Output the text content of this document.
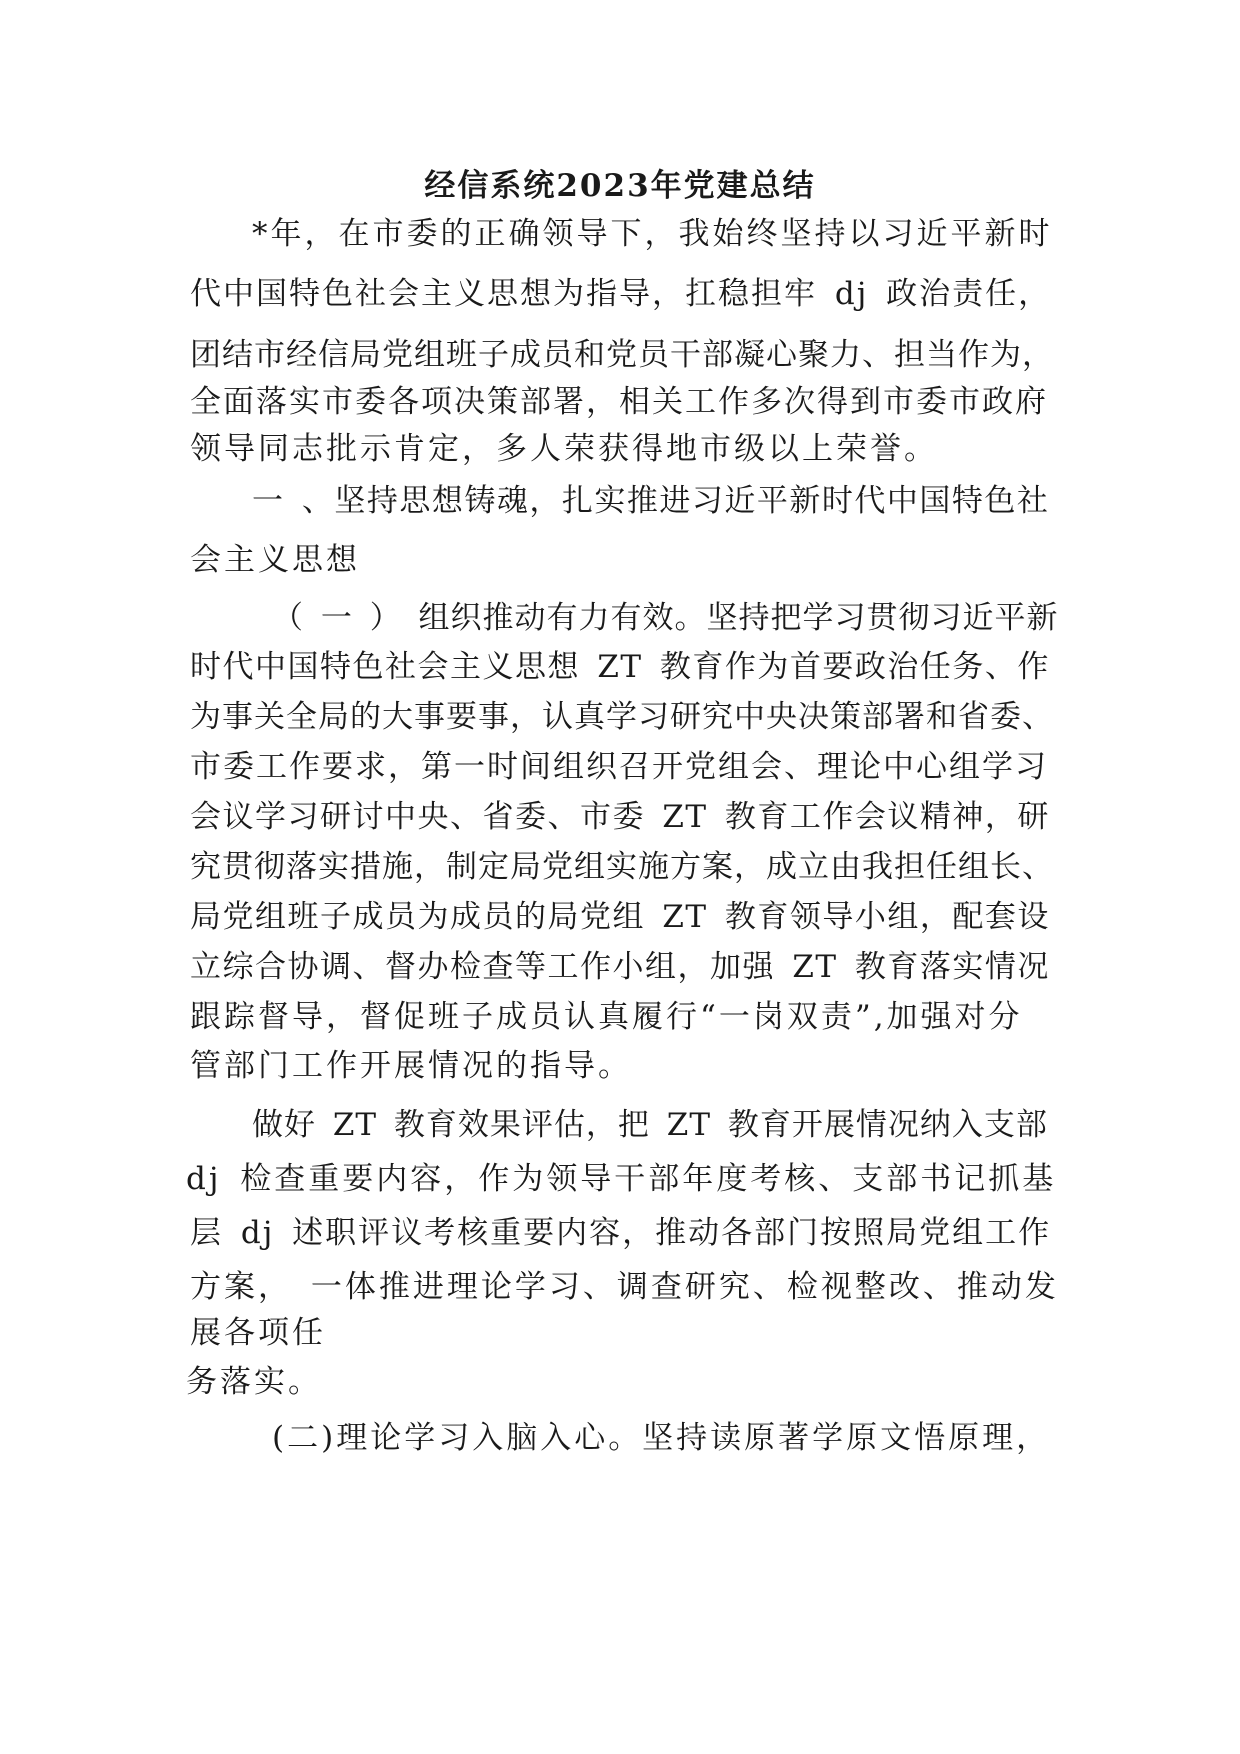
经信系统2023年党建总结
*年，在市委的正确领导下，我始终坚持以习近平新时
代中国特色社会主义思想为指导，扛稳担牢 dj 政治责任，
团结市经信局党组班子成员和党员干部凝心聚力、担当作为，
全面落实市委各项决策部署，相关工作多次得到市委市政府
领导同志批示肯定，多人荣获得地市级以上荣誉。
一 、坚持思想铸魂，扎实推进习近平新时代中国特色社
会主义思想
（ 一 ） 组织推动有力有效。坚持把学习贯彻习近平新
时代中国特色社会主义思想 ZT 教育作为首要政治任务、作
为事关全局的大事要事，认真学习研究中央决策部署和省委、
市委工作要求，第一时间组织召开党组会、理论中心组学习
会议学习研讨中央、省委、市委 ZT 教育工作会议精神，研
究贯彻落实措施，制定局党组实施方案，成立由我担任组长、
局党组班子成员为成员的局党组 ZT 教育领导小组，配套设
立综合协调、督办检查等工作小组，加强 ZT 教育落实情况
跟踪督导，督促班子成员认真履行“一岗双责”,加强对分
管部门工作开展情况的指导。
做好 ZT 教育效果评估，把 ZT 教育开展情况纳入支部
dj 检查重要内容，作为领导干部年度考核、支部书记抓基
层 dj 述职评议考核重要内容，推动各部门按照局党组工作
方案， 一体推进理论学习、调查研究、检视整改、推动发
展各项任
务落实。
(二)理论学习入脑入心。坚持读原著学原文悟原理，
